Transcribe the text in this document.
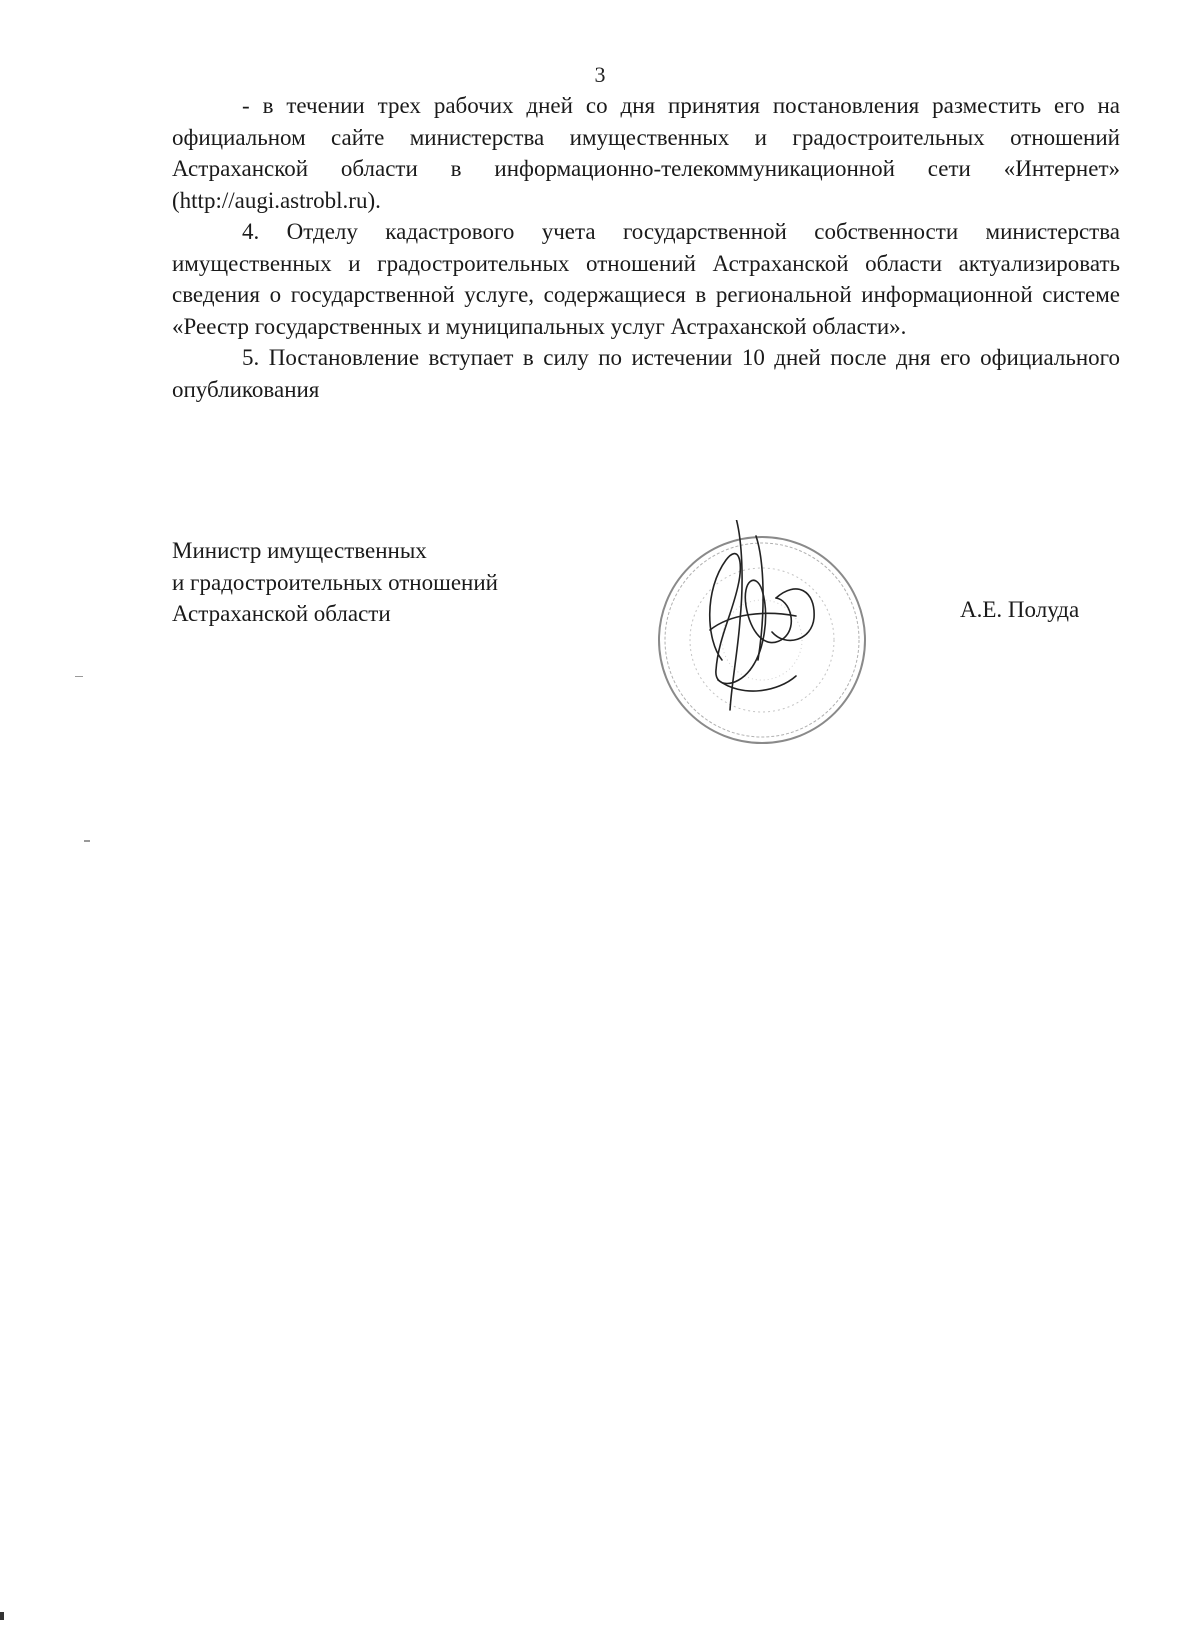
3

- в течении трех рабочих дней со дня принятия постановления разместить его на официальном сайте министерства имущественных и градостроительных отношений Астраханской области в информационно-телекоммуникационной сети «Интернет» (http://augi.astrobl.ru).

4. Отделу кадастрового учета государственной собственности министерства имущественных и градостроительных отношений Астраханской области актуализировать сведения о государственной услуге, содержащиеся в региональной информационной системе «Реестр государственных и муниципальных услуг Астраханской области».

5. Постановление вступает в силу по истечении 10 дней после дня его официального опубликования

Министр имущественных
и градостроительных отношений
Астраханской области	А.Е. Полуда
